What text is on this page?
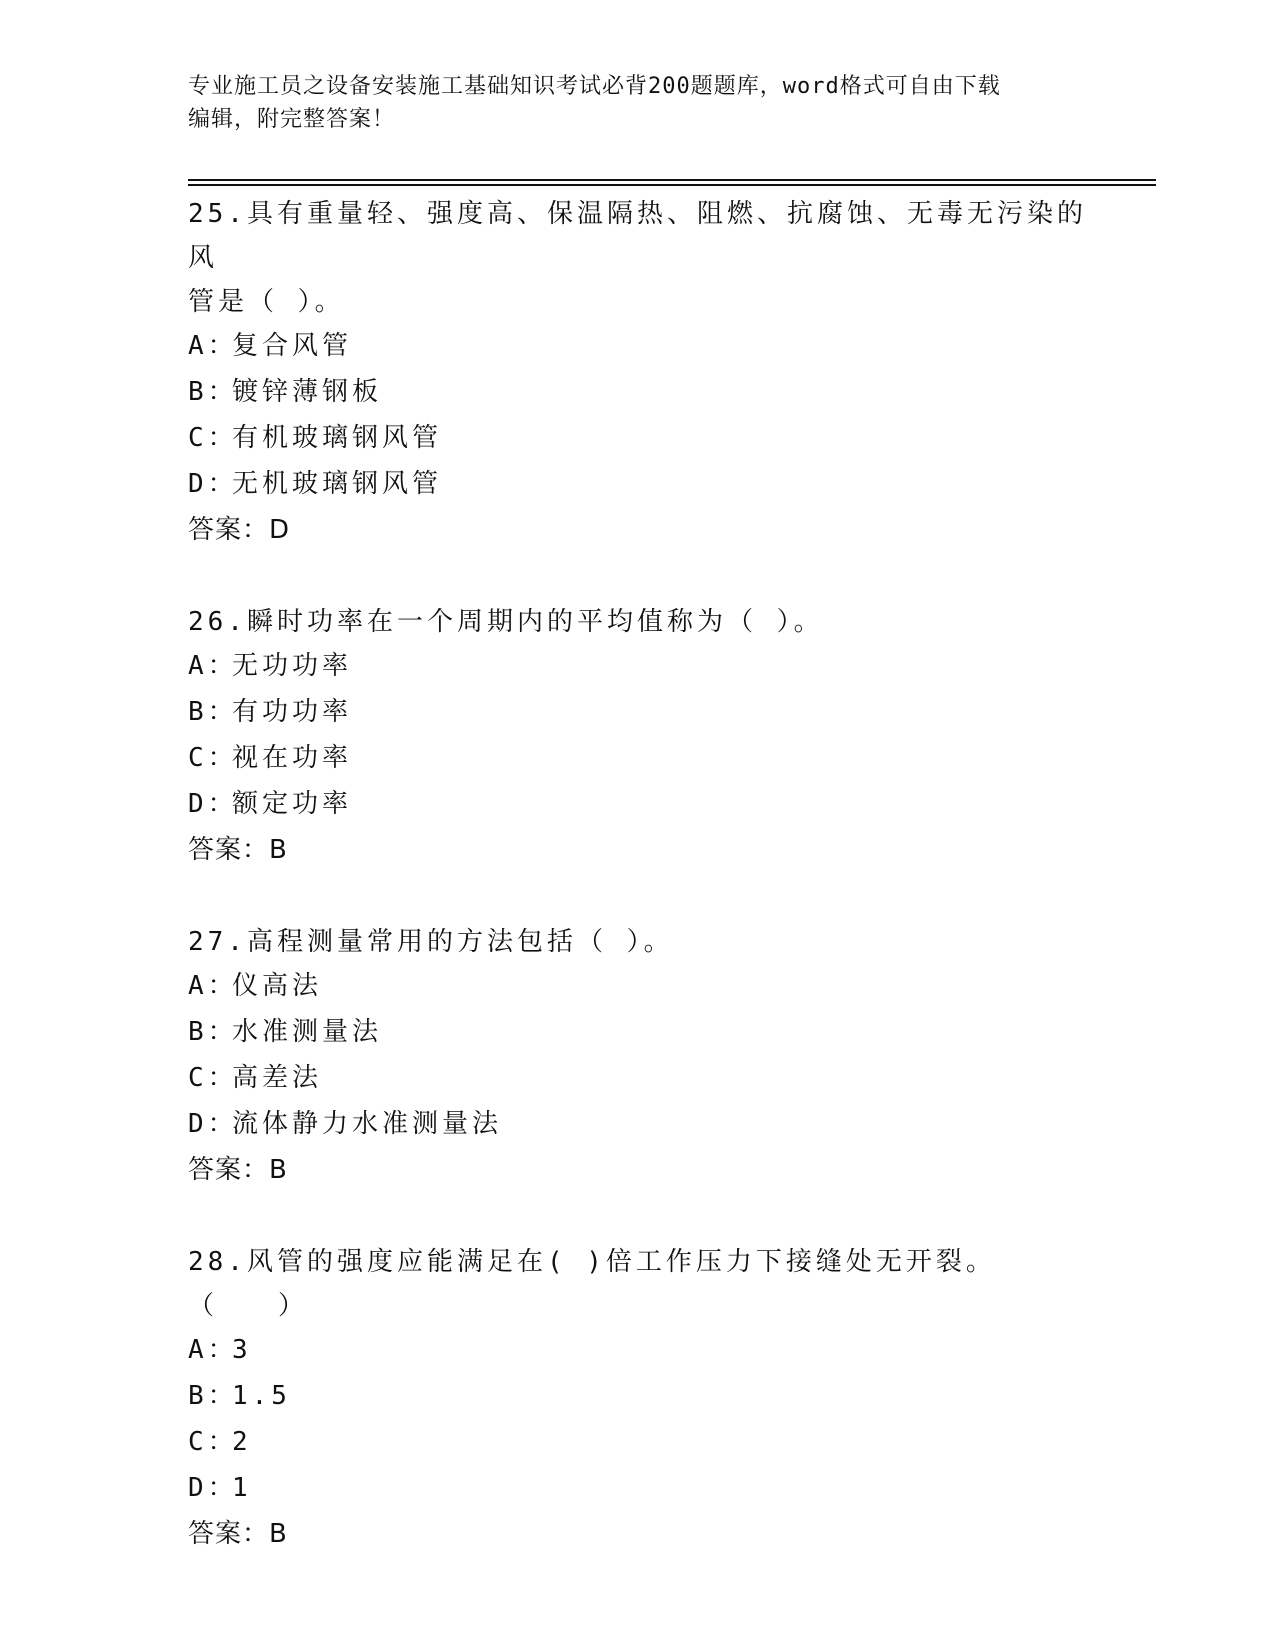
专业施工员之设备安装施工基础知识考试必背200题题库，word格式可自由下载
编辑，附完整答案！
25.具有重量轻、强度高、保温隔热、阻燃、抗腐蚀、无毒无污染的风
管是（ ）。
A：复合风管
B：镀锌薄钢板
C：有机玻璃钢风管
D：无机玻璃钢风管
答案：D
26.瞬时功率在一个周期内的平均值称为（ ）。
A：无功功率
B：有功功率
C：视在功率
D：额定功率
答案：B
27.高程测量常用的方法包括（ ）。
A：仪高法
B：水准测量法
C：高差法
D：流体静力水准测量法
答案：B
28.风管的强度应能满足在( )倍工作压力下接缝处无开裂。（　　）
A：3
B：1.5
C：2
D：1
答案：B
